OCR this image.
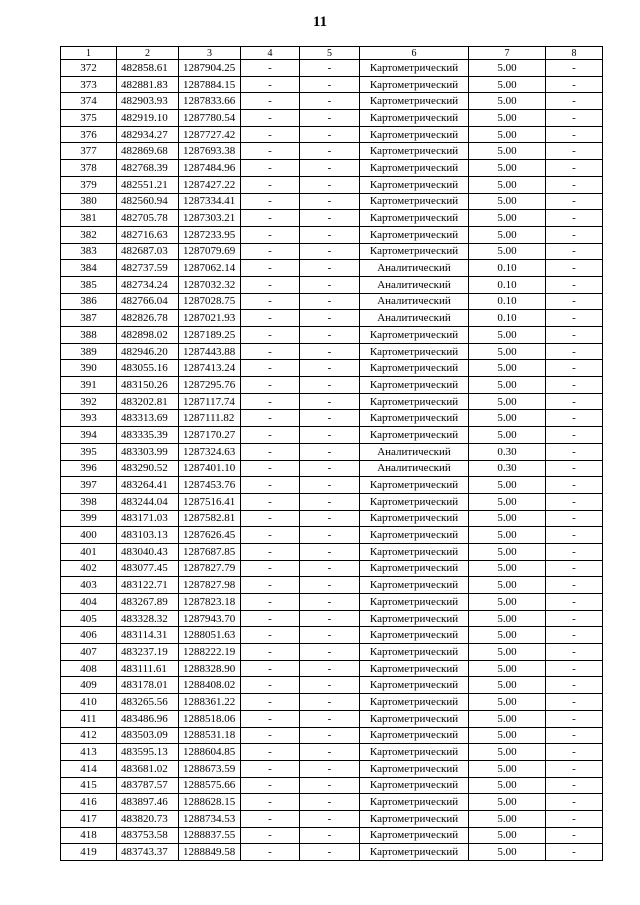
11
1	2	3	4	5	6	7	8
372	482858.61	1287904.25	-	-	Картометрический	5.00	-
373	482881.83	1287884.15	-	-	Картометрический	5.00	-
374	482903.93	1287833.66	-	-	Картометрический	5.00	-
375	482919.10	1287780.54	-	-	Картометрический	5.00	-
376	482934.27	1287727.42	-	-	Картометрический	5.00	-
377	482869.68	1287693.38	-	-	Картометрический	5.00	-
378	482768.39	1287484.96	-	-	Картометрический	5.00	-
379	482551.21	1287427.22	-	-	Картометрический	5.00	-
380	482560.94	1287334.41	-	-	Картометрический	5.00	-
381	482705.78	1287303.21	-	-	Картометрический	5.00	-
382	482716.63	1287233.95	-	-	Картометрический	5.00	-
383	482687.03	1287079.69	-	-	Картометрический	5.00	-
384	482737.59	1287062.14	-	-	Аналитический	0.10	-
385	482734.24	1287032.32	-	-	Аналитический	0.10	-
386	482766.04	1287028.75	-	-	Аналитический	0.10	-
387	482826.78	1287021.93	-	-	Аналитический	0.10	-
388	482898.02	1287189.25	-	-	Картометрический	5.00	-
389	482946.20	1287443.88	-	-	Картометрический	5.00	-
390	483055.16	1287413.24	-	-	Картометрический	5.00	-
391	483150.26	1287295.76	-	-	Картометрический	5.00	-
392	483202.81	1287117.74	-	-	Картометрический	5.00	-
393	483313.69	1287111.82	-	-	Картометрический	5.00	-
394	483335.39	1287170.27	-	-	Картометрический	5.00	-
395	483303.99	1287324.63	-	-	Аналитический	0.30	-
396	483290.52	1287401.10	-	-	Аналитический	0.30	-
397	483264.41	1287453.76	-	-	Картометрический	5.00	-
398	483244.04	1287516.41	-	-	Картометрический	5.00	-
399	483171.03	1287582.81	-	-	Картометрический	5.00	-
400	483103.13	1287626.45	-	-	Картометрический	5.00	-
401	483040.43	1287687.85	-	-	Картометрический	5.00	-
402	483077.45	1287827.79	-	-	Картометрический	5.00	-
403	483122.71	1287827.98	-	-	Картометрический	5.00	-
404	483267.89	1287823.18	-	-	Картометрический	5.00	-
405	483328.32	1287943.70	-	-	Картометрический	5.00	-
406	483114.31	1288051.63	-	-	Картометрический	5.00	-
407	483237.19	1288222.19	-	-	Картометрический	5.00	-
408	483111.61	1288328.90	-	-	Картометрический	5.00	-
409	483178.01	1288408.02	-	-	Картометрический	5.00	-
410	483265.56	1288361.22	-	-	Картометрический	5.00	-
411	483486.96	1288518.06	-	-	Картометрический	5.00	-
412	483503.09	1288531.18	-	-	Картометрический	5.00	-
413	483595.13	1288604.85	-	-	Картометрический	5.00	-
414	483681.02	1288673.59	-	-	Картометрический	5.00	-
415	483787.57	1288575.66	-	-	Картометрический	5.00	-
416	483897.46	1288628.15	-	-	Картометрический	5.00	-
417	483820.73	1288734.53	-	-	Картометрический	5.00	-
418	483753.58	1288837.55	-	-	Картометрический	5.00	-
419	483743.37	1288849.58	-	-	Картометрический	5.00	-
